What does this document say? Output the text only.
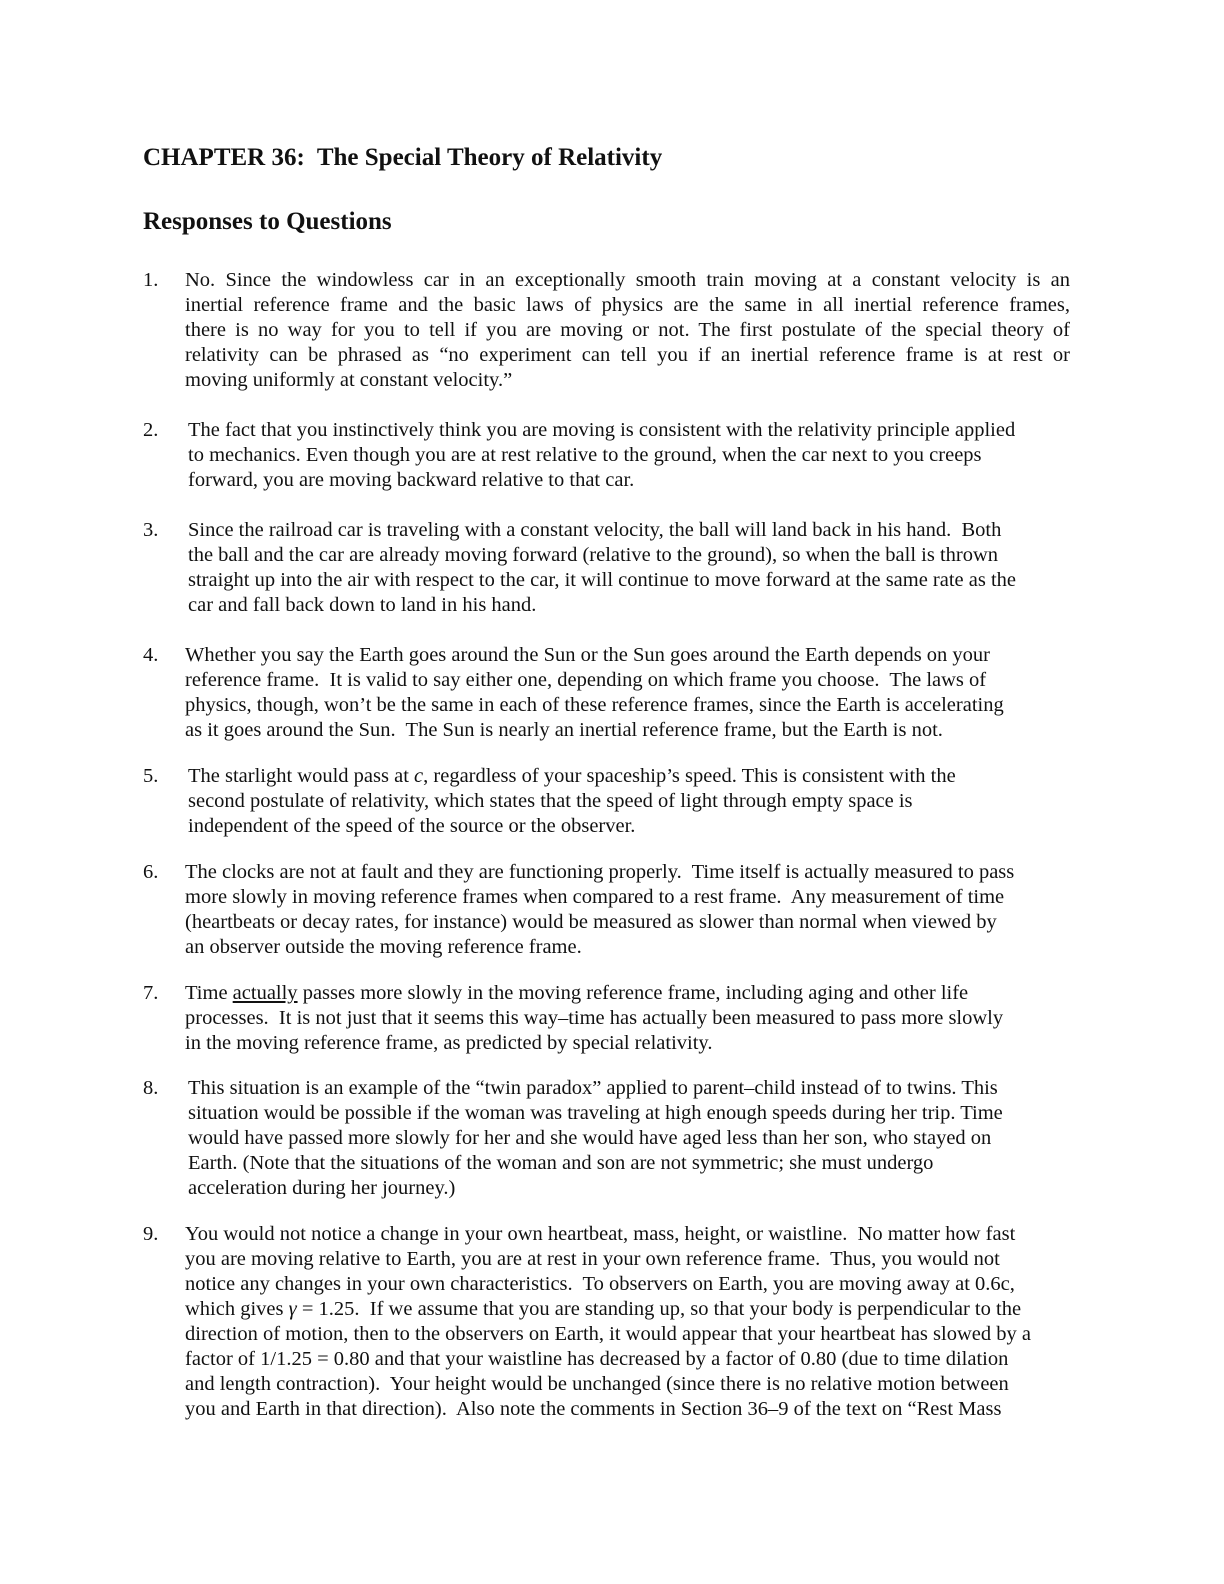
CHAPTER 36:  The Special Theory of Relativity
Responses to Questions
1. No. Since the windowless car in an exceptionally smooth train moving at a constant velocity is an
inertial reference frame and the basic laws of physics are the same in all inertial reference frames,
there is no way for you to tell if you are moving or not. The first postulate of the special theory of
relativity can be phrased as “no experiment can tell you if an inertial reference frame is at rest or
moving uniformly at constant velocity.”
2. The fact that you instinctively think you are moving is consistent with the relativity principle applied
to mechanics. Even though you are at rest relative to the ground, when the car next to you creeps
forward, you are moving backward relative to that car.
3. Since the railroad car is traveling with a constant velocity, the ball will land back in his hand.  Both
the ball and the car are already moving forward (relative to the ground), so when the ball is thrown
straight up into the air with respect to the car, it will continue to move forward at the same rate as the
car and fall back down to land in his hand.
4. Whether you say the Earth goes around the Sun or the Sun goes around the Earth depends on your
reference frame.  It is valid to say either one, depending on which frame you choose.  The laws of
physics, though, won’t be the same in each of these reference frames, since the Earth is accelerating
as it goes around the Sun.  The Sun is nearly an inertial reference frame, but the Earth is not.
5. The starlight would pass at c, regardless of your spaceship’s speed. This is consistent with the
second postulate of relativity, which states that the speed of light through empty space is
independent of the speed of the source or the observer.
6. The clocks are not at fault and they are functioning properly.  Time itself is actually measured to pass
more slowly in moving reference frames when compared to a rest frame.  Any measurement of time
(heartbeats or decay rates, for instance) would be measured as slower than normal when viewed by
an observer outside the moving reference frame.
7. Time actually passes more slowly in the moving reference frame, including aging and other life
processes.  It is not just that it seems this way–time has actually been measured to pass more slowly
in the moving reference frame, as predicted by special relativity.
8. This situation is an example of the “twin paradox” applied to parent–child instead of to twins. This
situation would be possible if the woman was traveling at high enough speeds during her trip. Time
would have passed more slowly for her and she would have aged less than her son, who stayed on
Earth. (Note that the situations of the woman and son are not symmetric; she must undergo
acceleration during her journey.)
9. You would not notice a change in your own heartbeat, mass, height, or waistline.  No matter how fast
you are moving relative to Earth, you are at rest in your own reference frame.  Thus, you would not
notice any changes in your own characteristics.  To observers on Earth, you are moving away at 0.6c,
which gives γ = 1.25.  If we assume that you are standing up, so that your body is perpendicular to the
direction of motion, then to the observers on Earth, it would appear that your heartbeat has slowed by a
factor of 1/1.25 = 0.80 and that your waistline has decreased by a factor of 0.80 (due to time dilation
and length contraction).  Your height would be unchanged (since there is no relative motion between
you and Earth in that direction).  Also note the comments in Section 36–9 of the text on “Rest Mass
